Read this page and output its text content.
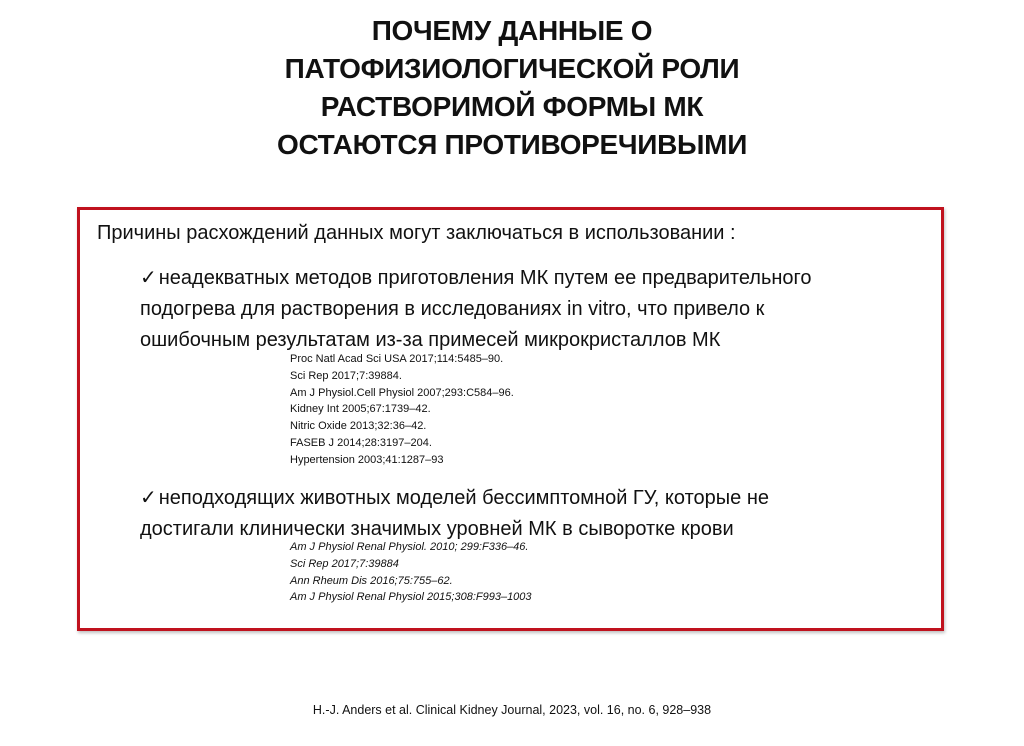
ПОЧЕМУ ДАННЫЕ О
ПАТОФИЗИОЛОГИЧЕСКОЙ РОЛИ
РАСТВОРИМОЙ ФОРМЫ МК
ОСТАЮТСЯ ПРОТИВОРЕЧИВЫМИ
Причины расхождений данных могут заключаться в использовании :
✓ неадекватных методов приготовления МК путем ее предварительного
подогрева для растворения в исследованиях in vitro, что привело к
ошибочным результатам из-за примесей микрокристаллов МК
Proc Natl Acad Sci USA 2017;114:5485–90.
Sci Rep 2017;7:39884.
Am J Physiol.Cell Physiol 2007;293:C584–96.
Kidney Int 2005;67:1739–42.
Nitric Oxide 2013;32:36–42.
FASEB J 2014;28:3197–204.
Hypertension 2003;41:1287–93
✓ неподходящих животных моделей бессимптомной ГУ, которые не
достигали клинически значимых уровней МК в сыворотке крови
Am J Physiol Renal Physiol. 2010; 299:F336–46.
Sci Rep 2017;7:39884
Ann Rheum Dis 2016;75:755–62.
Am J Physiol Renal Physiol 2015;308:F993–1003
H.-J. Anders et al. Clinical Kidney Journal, 2023, vol. 16, no. 6, 928–938
